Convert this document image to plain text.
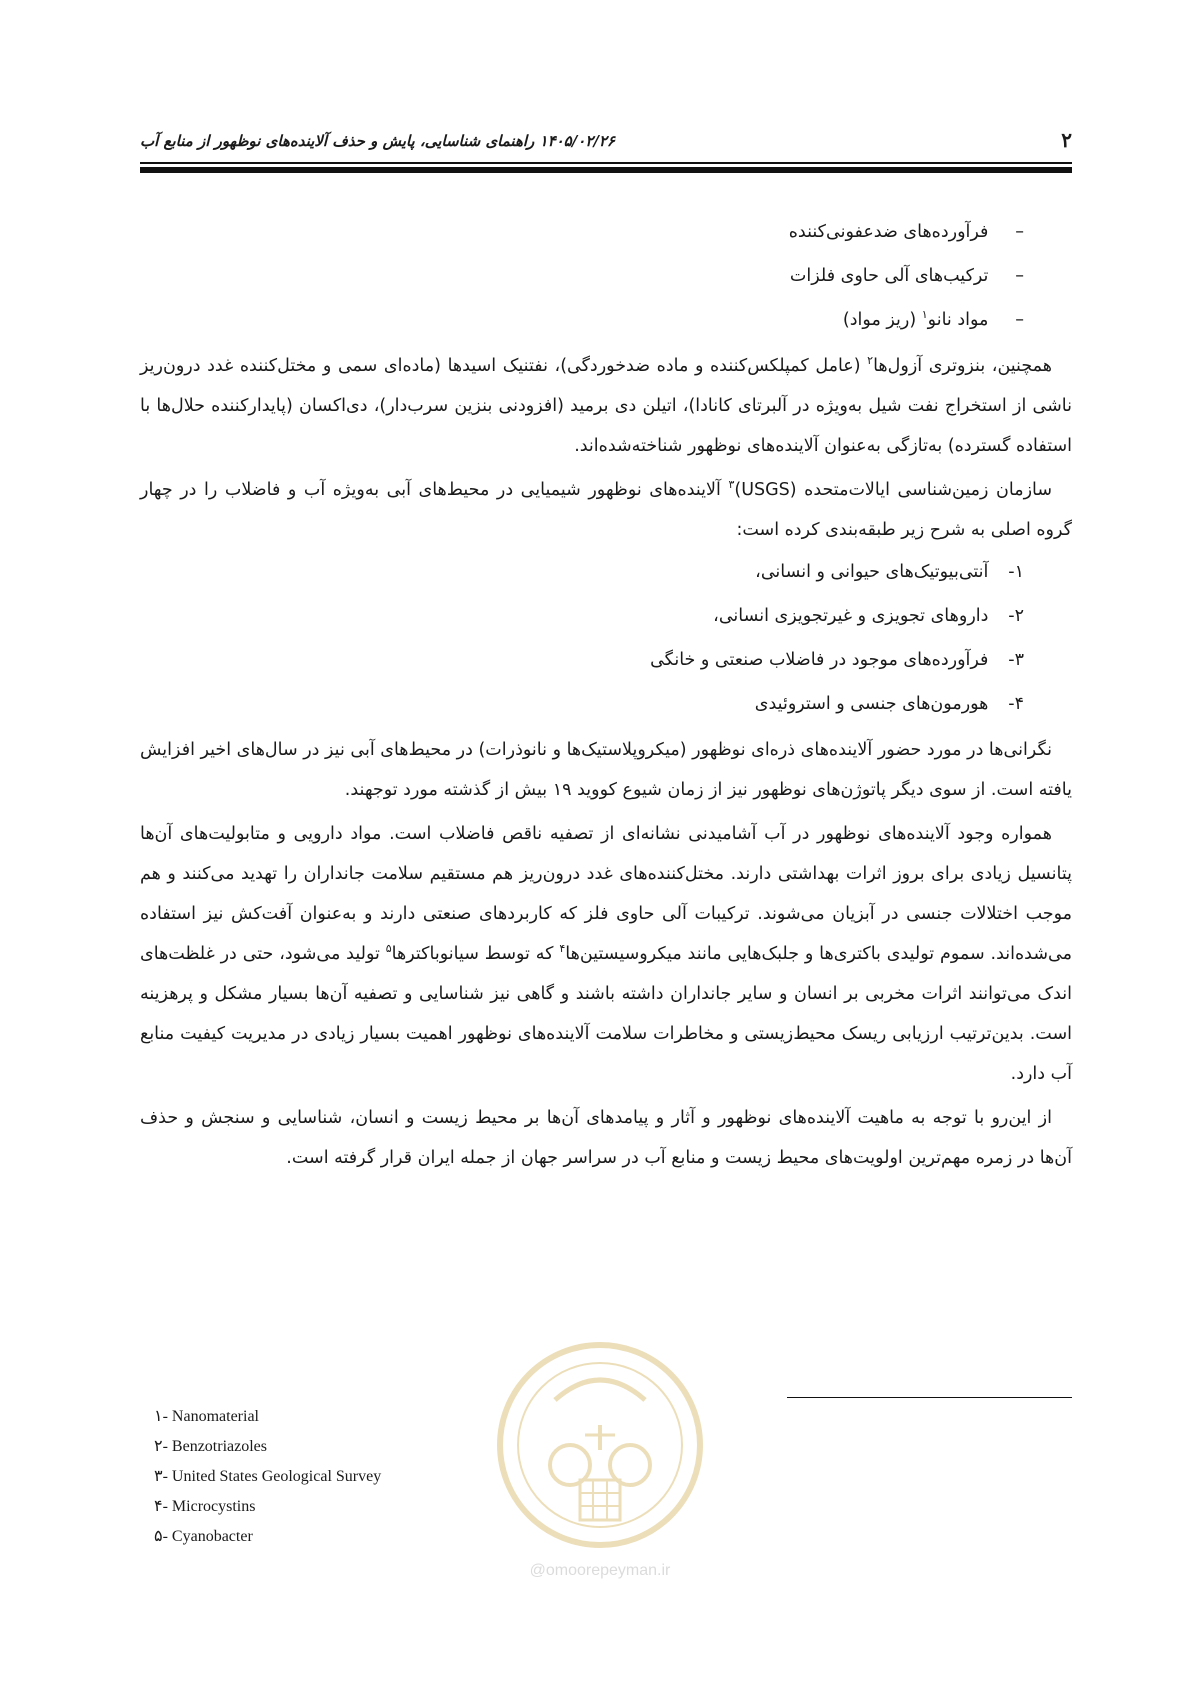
۲
۱۴۰۵/۰۲/۲۶ راهنمای شناسایی، پایش و حذف آلاینده‌های نوظهور از منابع آب
– فرآورده‌های ضدعفونی‌کننده
– ترکیب‌های آلی حاوی فلزات
– مواد نانو$^۱$ (ریز مواد)

همچنین، بنزوتری آزول‌ها$^۲$ (عامل کمپلکس‌کننده و ماده ضدخوردگی)، نفتنیک اسیدها (ماده‌ای سمی و مختل‌کننده غدد درون‌ریز ناشی از استخراج نفت شیل به‌ویژه در آلبرتای کانادا)، اتیلن دی برمید (افزودنی بنزین سرب‌دار)، دی‌اکسان (پایدارکننده حلال‌ها با استفاده گسترده) به‌تازگی به‌عنوان آلاینده‌های نوظهور شناخته‌شده‌اند.

سازمان زمین‌شناسی ایالات‌متحده (USGS)$^۳$ آلاینده‌های نوظهور شیمیایی در محیط‌های آبی به‌ویژه آب و فاضلاب را در چهار گروه اصلی به شرح زیر طبقه‌بندی کرده است:

۱- آنتی‌بیوتیک‌های حیوانی و انسانی،
۲- داروهای تجویزی و غیرتجویزی انسانی،
۳- فرآورده‌های موجود در فاضلاب صنعتی و خانگی
۴- هورمون‌های جنسی و استروئیدی

نگرانی‌ها در مورد حضور آلاینده‌های ذره‌ای نوظهور (میکروپلاستیک‌ها و نانوذرات) در محیط‌های آبی نیز در سال‌های اخیر افزایش یافته است. از سوی دیگر پاتوژن‌های نوظهور نیز از زمان شیوع کووید ۱۹ بیش از گذشته مورد توجهند.

همواره وجود آلاینده‌های نوظهور در آب آشامیدنی نشانه‌ای از تصفیه ناقص فاضلاب است. مواد دارویی و متابولیت‌های آن‌ها پتانسیل زیادی برای بروز اثرات بهداشتی دارند. مختل‌کننده‌های غدد درون‌ریز هم مستقیم سلامت جانداران را تهدید می‌کنند و هم موجب اختلالات جنسی در آبزیان می‌شوند. ترکیبات آلی حاوی فلز که کاربردهای صنعتی دارند و به‌عنوان آفت‌کش نیز استفاده می‌شده‌اند. سموم تولیدی باکتری‌ها و جلبک‌هایی مانند میکروسیستین‌ها$^۴$ که توسط سیانوباکترها$^۵$ تولید می‌شود، حتی در غلظت‌های اندک می‌توانند اثرات مخربی بر انسان و سایر جانداران داشته باشند و گاهی نیز شناسایی و تصفیه آن‌ها بسیار مشکل و پرهزینه است. بدین‌ترتیب ارزیابی ریسک محیط‌زیستی و مخاطرات سلامت آلاینده‌های نوظهور اهمیت بسیار زیادی در مدیریت کیفیت منابع آب دارد.

از این‌رو با توجه به ماهیت آلاینده‌های نوظهور و آثار و پیامدهای آن‌ها بر محیط زیست و انسان، شناسایی و سنجش و حذف آن‌ها در زمره مهم‌ترین اولویت‌های محیط زیست و منابع آب در سراسر جهان از جمله ایران قرار گرفته است.

@omoorepeyman.ir
۱- Nanomaterial
۲- Benzotriazoles
۳- United States Geological Survey
۴- Microcystins
۵- Cyanobacter
